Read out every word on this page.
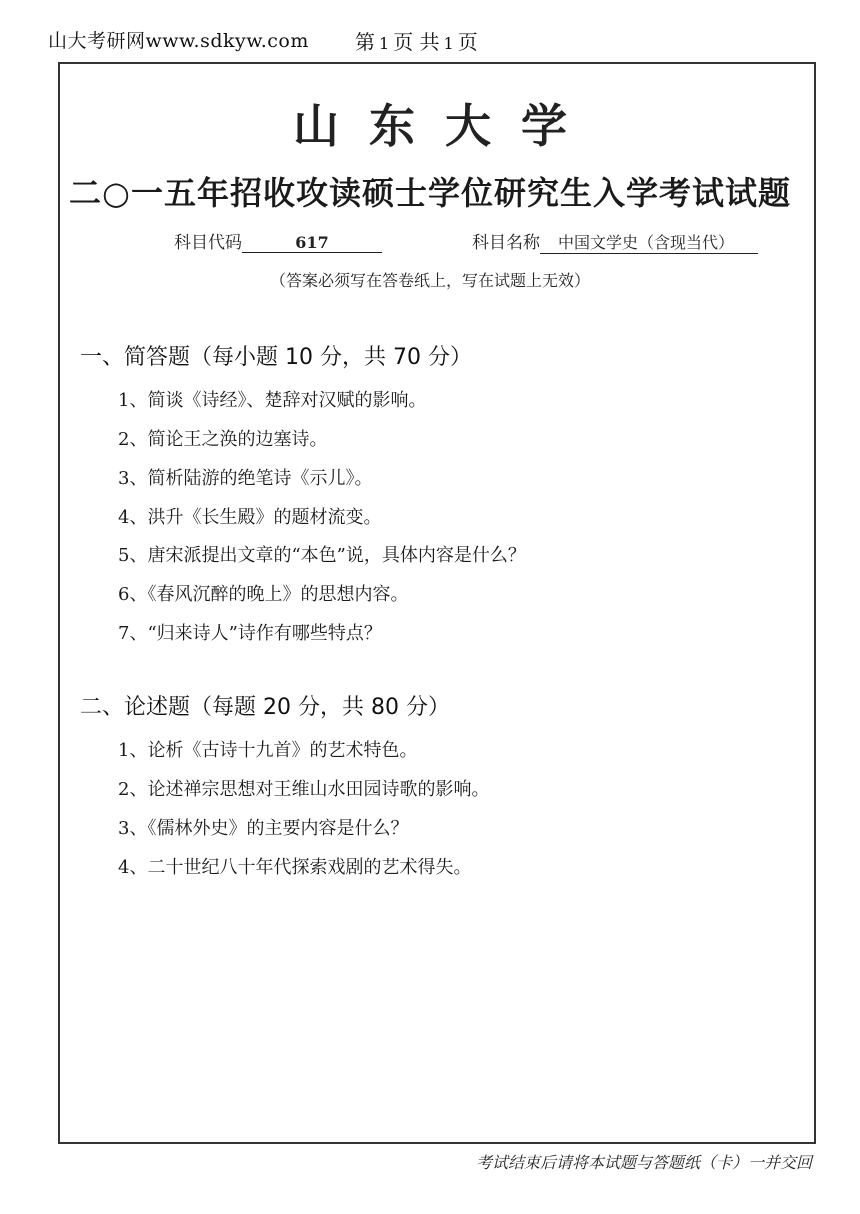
山大考研网www.sdkyw.com 第 1 页 共 1 页
山东大学
二○一五年招收攻读硕士学位研究生入学考试试题
科目代码	617	科目名称 中国文学史（含现当代）
（答案必须写在答卷纸上，写在试题上无效）
一、简答题（每小题 10 分，共 70 分）
1、简谈《诗经》、楚辞对汉赋的影响。
2、简论王之涣的边塞诗。
3、简析陆游的绝笔诗《示儿》。
4、洪升《长生殿》的题材流变。
5、唐宋派提出文章的“本色”说，具体内容是什么？
6、《春风沉醉的晚上》的思想内容。
7、“归来诗人”诗作有哪些特点？
二、论述题（每题 20 分，共 80 分）
1、论析《古诗十九首》的艺术特色。
2、论述禅宗思想对王维山水田园诗歌的影响。
3、《儒林外史》的主要内容是什么？
4、二十世纪八十年代探索戏剧的艺术得失。
考试结束后请将本试题与答题纸（卡）一并交回
